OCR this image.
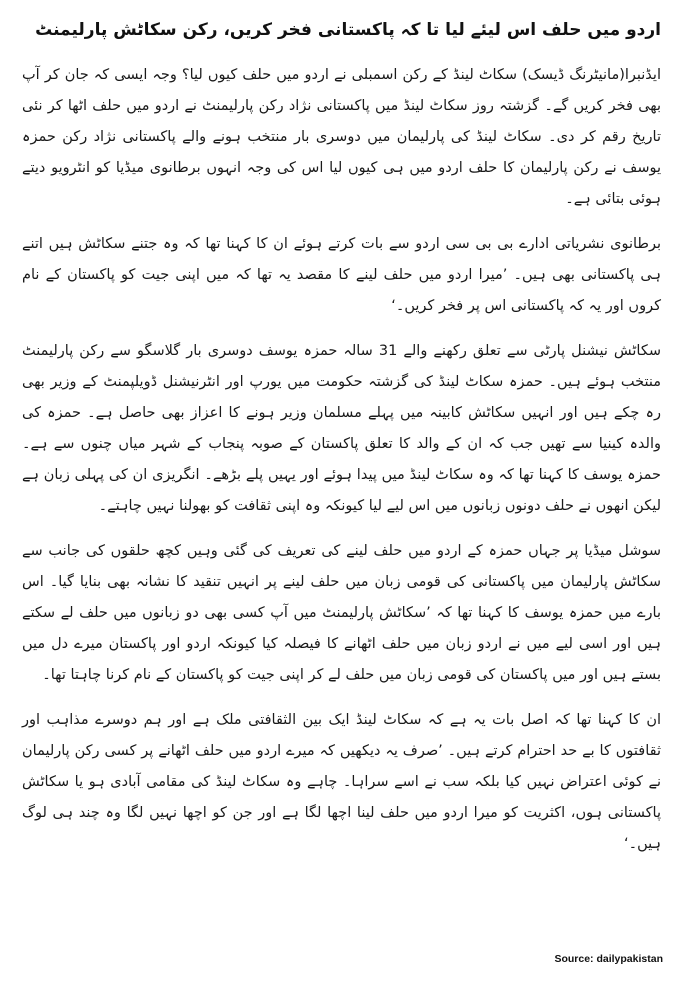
اردو میں حلف اس لیئے لیا تا کہ پاکستانی فخر کریں، رکن سکاٹش پارلیمنٹ

ایڈنبرا(مانیٹرنگ ڈیسک) سکاٹ لینڈ کے رکن اسمبلی نے اردو میں حلف کیوں لیا؟ وجہ ایسی کہ جان کر آپ بھی فخر کریں گے۔ گزشتہ روز سکاٹ لینڈ میں پاکستانی نژاد رکن پارلیمنٹ نے اردو میں حلف اٹھا کر نئی تاریخ رقم کر دی۔ سکاٹ لینڈ کی پارلیمان میں دوسری بار منتخب ہونے والے پاکستانی نژاد رکن حمزہ یوسف نے رکن پارلیمان کا حلف اردو میں ہی کیوں لیا اس کی وجہ انہوں برطانوی میڈیا کو انٹرویو دیتے ہوئی بتائی ہے۔

برطانوی نشریاتی ادارے بی بی سی اردو سے بات کرتے ہوئے ان کا کہنا تھا کہ وہ جتنے سکاٹش ہیں اتنے ہی پاکستانی بھی ہیں۔ ’میرا اردو میں حلف لینے کا مقصد یہ تھا کہ میں اپنی جیت کو پاکستان کے نام کروں اور یہ کہ پاکستانی اس پر فخر کریں۔‘

سکاٹش نیشنل پارٹی سے تعلق رکھنے والے 31 سالہ حمزہ یوسف دوسری بار گلاسگو سے رکن پارلیمنٹ منتخب ہوئے ہیں۔ حمزہ سکاٹ لینڈ کی گزشتہ حکومت میں یورپ اور انٹرنیشنل ڈویلپمنٹ کے وزیر بھی رہ چکے ہیں اور انہیں سکاٹش کابینہ میں پہلے مسلمان وزیر ہونے کا اعزاز بھی حاصل ہے۔ حمزہ کی والدہ کینیا سے تھیں جب کہ ان کے والد کا تعلق پاکستان کے صوبہ پنجاب کے شہر میاں چنوں سے ہے۔ حمزہ یوسف کا کہنا تھا کہ وہ سکاٹ لینڈ میں پیدا ہوئے اور یہیں پلے بڑھے۔ انگریزی ان کی پہلی زبان ہے لیکن انھوں نے حلف دونوں زبانوں میں اس لیے لیا کیونکہ وہ اپنی ثقافت کو بھولنا نہیں چاہتے۔

سوشل میڈیا پر جہاں حمزہ کے اردو میں حلف لینے کی تعریف کی گئی وہیں کچھ حلقوں کی جانب سے سکاٹش پارلیمان میں پاکستانی کی قومی زبان میں حلف لینے پر انہیں تنقید کا نشانہ بھی بنایا گیا۔ اس بارے میں حمزہ یوسف کا کہنا تھا کہ ’سکاٹش پارلیمنٹ میں آپ کسی بھی دو زبانوں میں حلف لے سکتے ہیں اور اسی لیے میں نے اردو زبان میں حلف اٹھانے کا فیصلہ کیا کیونکہ اردو اور پاکستان میرے دل میں بستے ہیں اور میں پاکستان کی قومی زبان میں حلف لے کر اپنی جیت کو پاکستان کے نام کرنا چاہتا تھا۔

ان کا کہنا تھا کہ اصل بات یہ ہے کہ سکاٹ لینڈ ایک بین الثقافتی ملک ہے اور ہم دوسرے مذاہب اور ثقافتوں کا بے حد احترام کرتے ہیں۔ ’صرف یہ دیکھیں کہ میرے اردو میں حلف اٹھانے پر کسی رکن پارلیمان نے کوئی اعتراض نہیں کیا بلکہ سب نے اسے سراہا۔ چاہے وہ سکاٹ لینڈ کی مقامی آبادی ہو یا سکاٹش پاکستانی ہوں، اکثریت کو میرا اردو میں حلف لینا اچھا لگا ہے اور جن کو اچھا نہیں لگا وہ چند ہی لوگ ہیں۔‘

Source: dailypakistan
